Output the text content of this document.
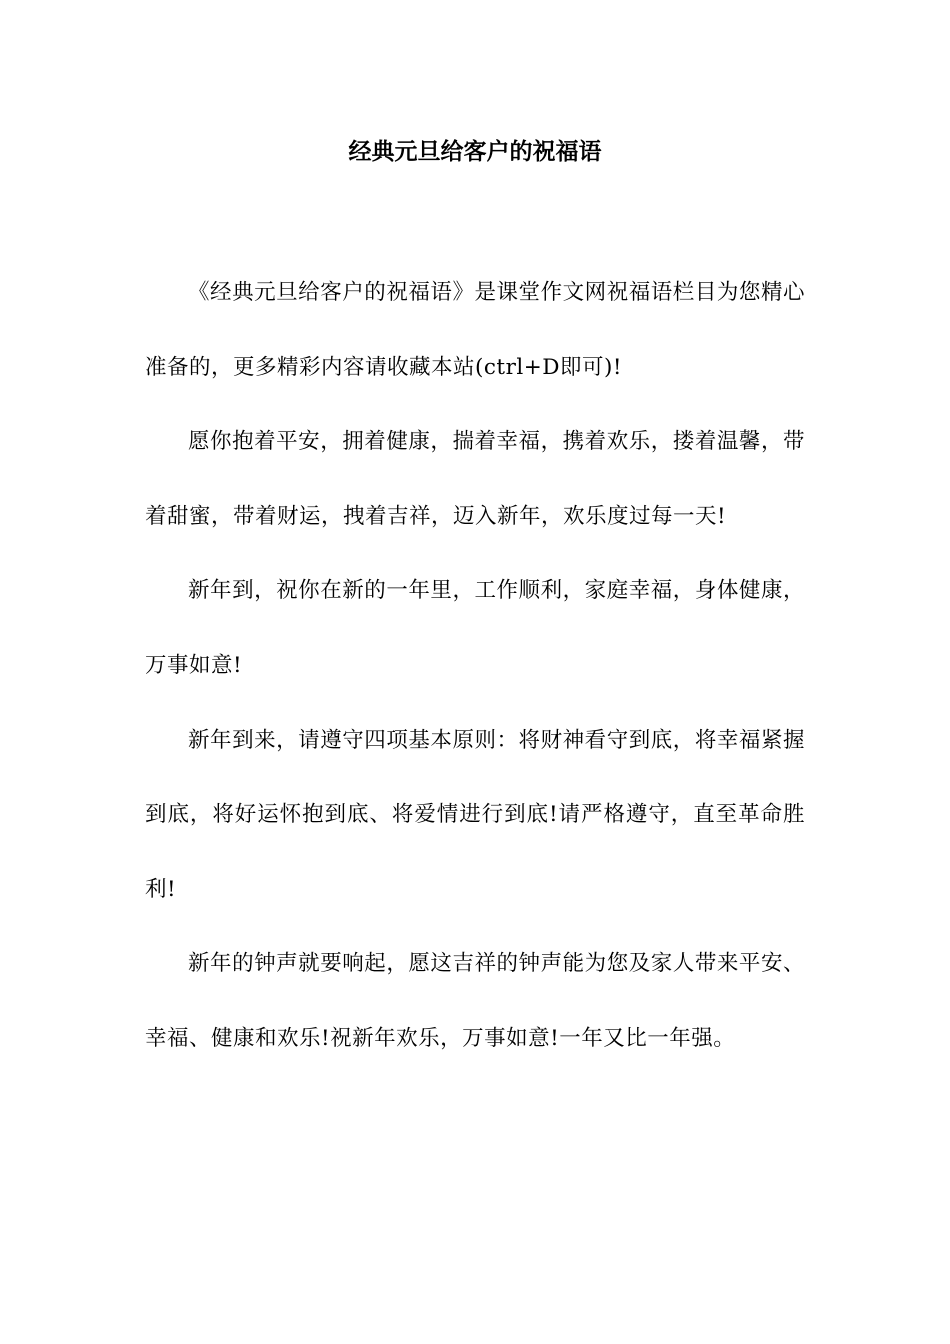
经典元旦给客户的祝福语

《经典元旦给客户的祝福语》是课堂作文网祝福语栏目为您精心准备的，更多精彩内容请收藏本站(ctrl+D即可)!

愿你抱着平安，拥着健康，揣着幸福，携着欢乐，搂着温馨，带着甜蜜，带着财运，拽着吉祥，迈入新年，欢乐度过每一天!

新年到，祝你在新的一年里，工作顺利，家庭幸福，身体健康，万事如意!

新年到来，请遵守四项基本原则：将财神看守到底，将幸福紧握到底，将好运怀抱到底、将爱情进行到底!请严格遵守，直至革命胜利!

新年的钟声就要响起，愿这吉祥的钟声能为您及家人带来平安、幸福、健康和欢乐!祝新年欢乐，万事如意!一年又比一年强。
